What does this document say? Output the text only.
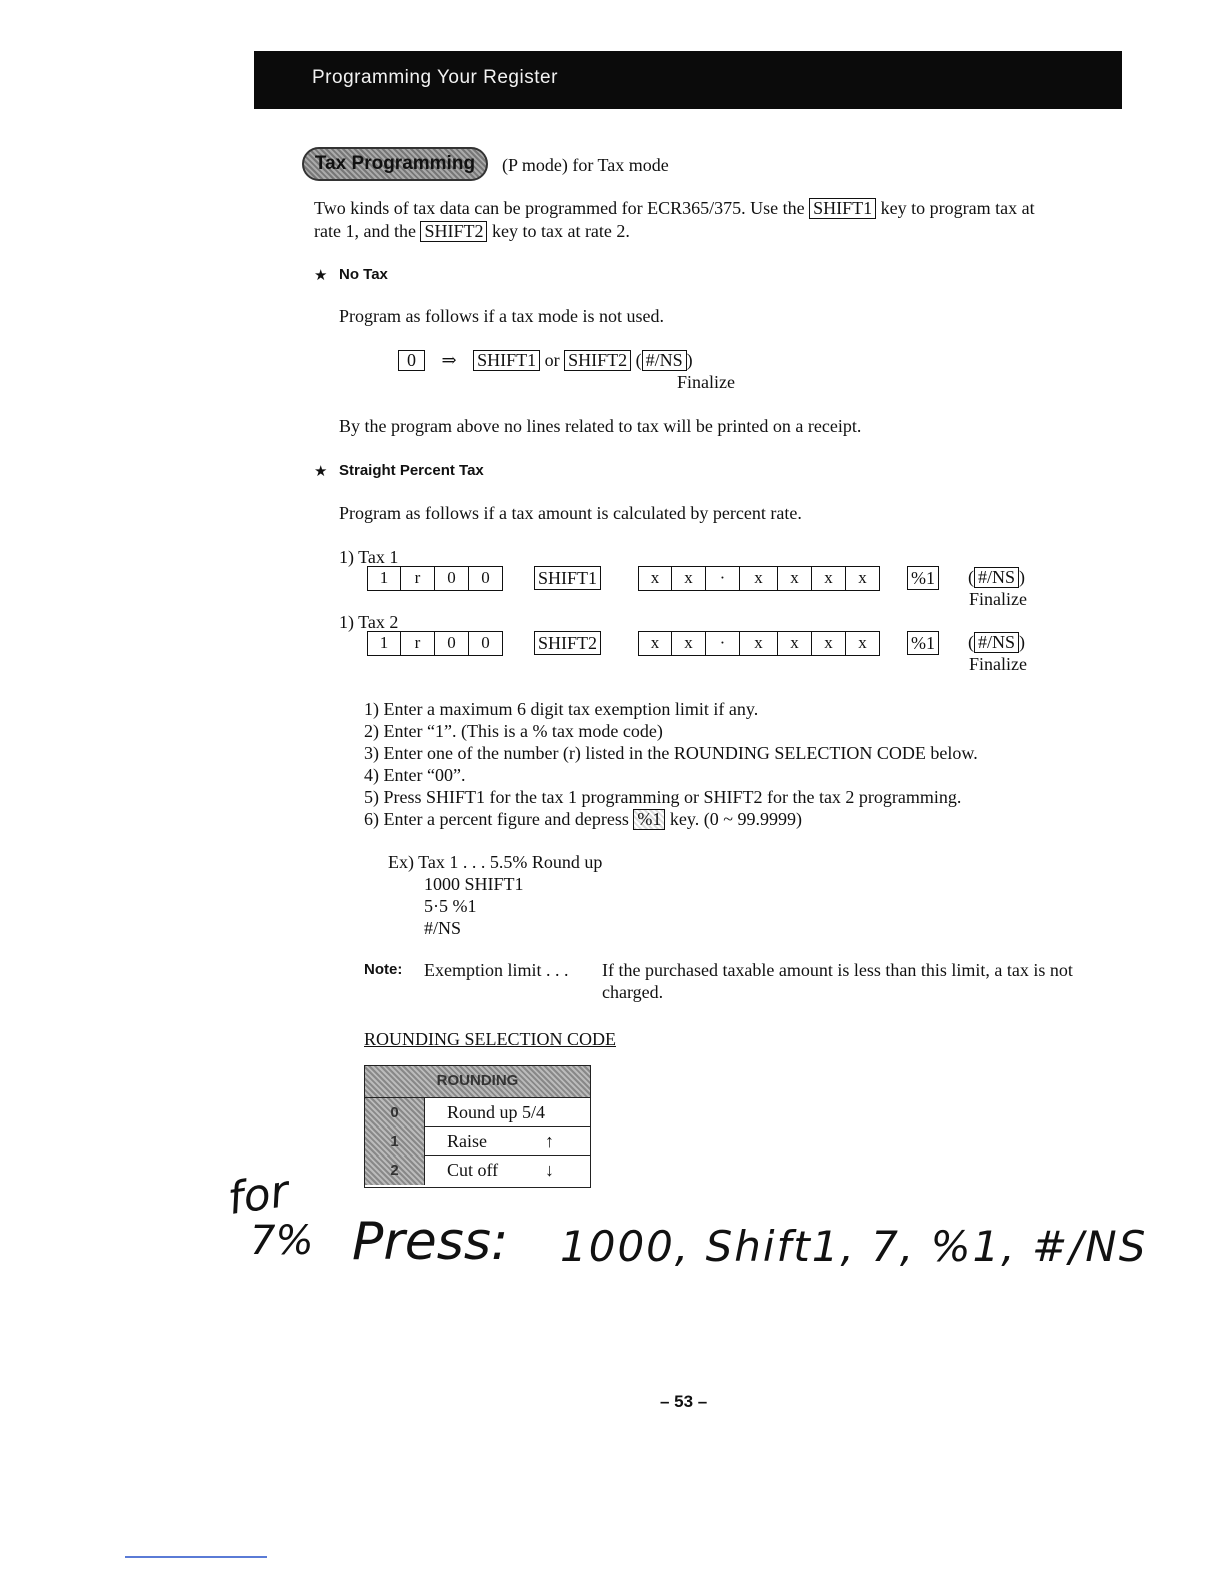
Programming Your Register
Tax Programming	(P mode) for Tax mode
Two kinds of tax data can be programmed for ECR365/375. Use the SHIFT1 key to program tax at
rate 1, and the SHIFT2 key to tax at rate 2.
★ No Tax
Program as follows if a tax mode is not used.
0 ⇒ SHIFT1 or SHIFT2 ( #/NS )
Finalize
By the program above no lines related to tax will be printed on a receipt.
★ Straight Percent Tax
Program as follows if a tax amount is calculated by percent rate.
1) Tax 1
1	r	0	0	SHIFT1	x	x	·	x	x	x	x	%1 ( #/NS )
Finalize
1) Tax 2
1	r	0	0	SHIFT2	x	x	·	x	x	x	x	%1 ( #/NS )
Finalize
1) Enter a maximum 6 digit tax exemption limit if any.
2) Enter “1”. (This is a % tax mode code)
3) Enter one of the number (r) listed in the ROUNDING SELECTION CODE below.
4) Enter “00”.
5) Press SHIFT1 for the tax 1 programming or SHIFT2 for the tax 2 programming.
6) Enter a percent figure and depress %1 key. (0 ~ 99.9999)
Ex) Tax 1 . . . 5.5% Round up
1000 SHIFT1
5·5 %1
#/NS
Note: Exemption limit . . . If the purchased taxable amount is less than this limit, a tax is not
charged.
ROUNDING SELECTION CODE
ROUNDING
0	Round up 5/4
1	Raise	↑
2	Cut off	↓
for
7% Press: 1000, Shift1, 7, %1, #/NS
– 53 –
